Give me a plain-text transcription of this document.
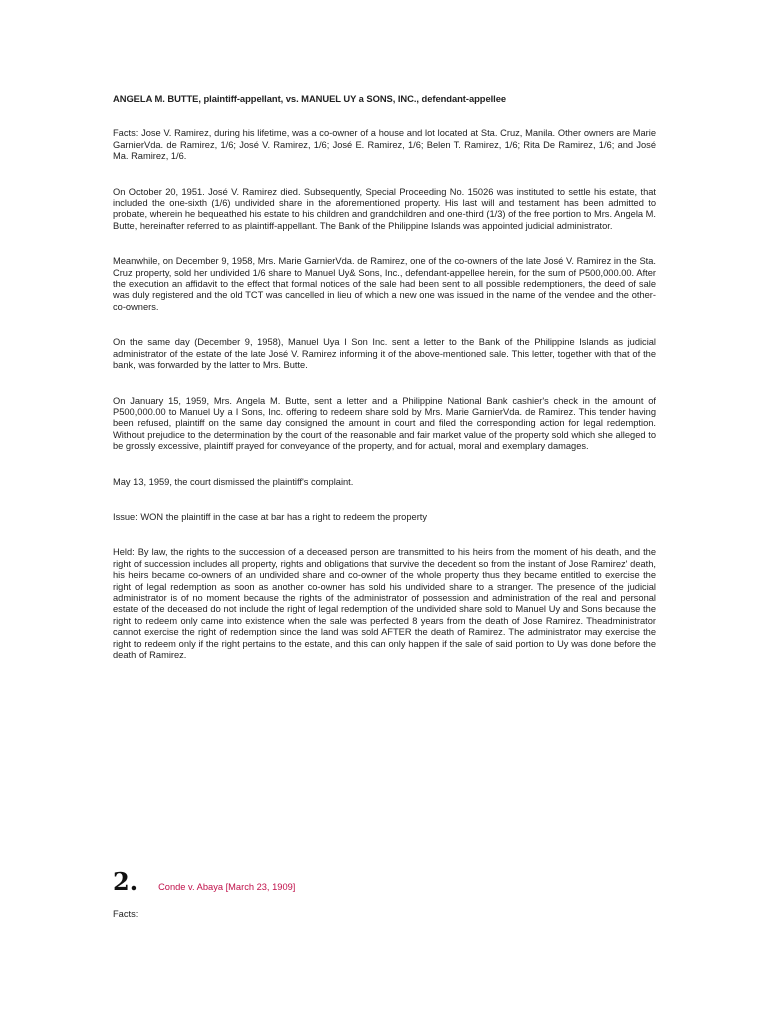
ANGELA M. BUTTE, plaintiff-appellant, vs. MANUEL UY a SONS, INC., defendant-appellee

Facts: Jose V. Ramirez, during his lifetime, was a co-owner of a house and lot located at Sta. Cruz, Manila. Other owners are Marie GarnierVda. de Ramirez, 1/6; José V. Ramirez, 1/6; José E. Ramirez, 1/6; Belen T. Ramirez, 1/6; Rita De Ramirez, 1/6; and José Ma. Ramirez, 1/6.

On October 20, 1951. José V. Ramirez died. Subsequently, Special Proceeding No. 15026 was instituted to settle his estate, that included the one-sixth (1/6) undivided share in the aforementioned property. His last will and testament has been admitted to probate, wherein he bequeathed his estate to his children and grandchildren and one-third (1/3) of the free portion to Mrs. Angela M. Butte, hereinafter referred to as plaintiff-appellant. The Bank of the Philippine Islands was appointed judicial administrator.

Meanwhile, on December 9, 1958, Mrs. Marie GarnierVda. de Ramirez, one of the co-owners of the late José V. Ramirez in the Sta. Cruz property, sold her undivided 1/6 share to Manuel Uy& Sons, Inc., defendant-appellee herein, for the sum of P500,000.00. After the execution an affidavit to the effect that formal notices of the sale had been sent to all possible redemptioners, the deed of sale was duly registered and the old TCT was cancelled in lieu of which a new one was issued in the name of the vendee and the other-co-owners.

On the same day (December 9, 1958), Manuel Uya I Son Inc. sent a letter to the Bank of the Philippine Islands as judicial administrator of the estate of the late José V. Ramirez informing it of the above-mentioned sale. This letter, together with that of the bank, was forwarded by the latter to Mrs. Butte.

On January 15, 1959, Mrs. Angela M. Butte, sent a letter and a Philippine National Bank cashier's check in the amount of P500,000.00 to Manuel Uy a I Sons, Inc. offering to redeem share sold by Mrs. Marie GarnierVda. de Ramirez. This tender having been refused, plaintiff on the same day consigned the amount in court and filed the corresponding action for legal redemption. Without prejudice to the determination by the court of the reasonable and fair market value of the property sold which she alleged to be grossly excessive, plaintiff prayed for conveyance of the property, and for actual, moral and exemplary damages.

May 13, 1959, the court dismissed the plaintiff's complaint.

Issue: WON the plaintiff in the case at bar has a right to redeem the property

Held: By law, the rights to the succession of a deceased person are transmitted to his heirs from the moment of his death, and the right of succession includes all property, rights and obligations that survive the decedent so from the instant of Jose Ramirez' death, his heirs became co-owners of an undivided share and co-owner of the whole property thus they became entitled to exercise the right of legal redemption as soon as another co-owner has sold his undivided share to a stranger. The presence of the judicial administrator is of no moment because the rights of the administrator of possession and administration of the real and personal estate of the deceased do not include the right of legal redemption of the undivided share sold to Manuel Uy and Sons because the right to redeem only came into existence when the sale was perfected 8 years from the death of Jose Ramirez. Theadministrator cannot exercise the right of redemption since the land was sold AFTER the death of Ramirez. The administrator may exercise the right to redeem only if the right pertains to the estate, and this can only happen if the sale of said portion to Uy was done before the death of Ramirez.

2. Conde v. Abaya [March 23, 1909]
Facts:
